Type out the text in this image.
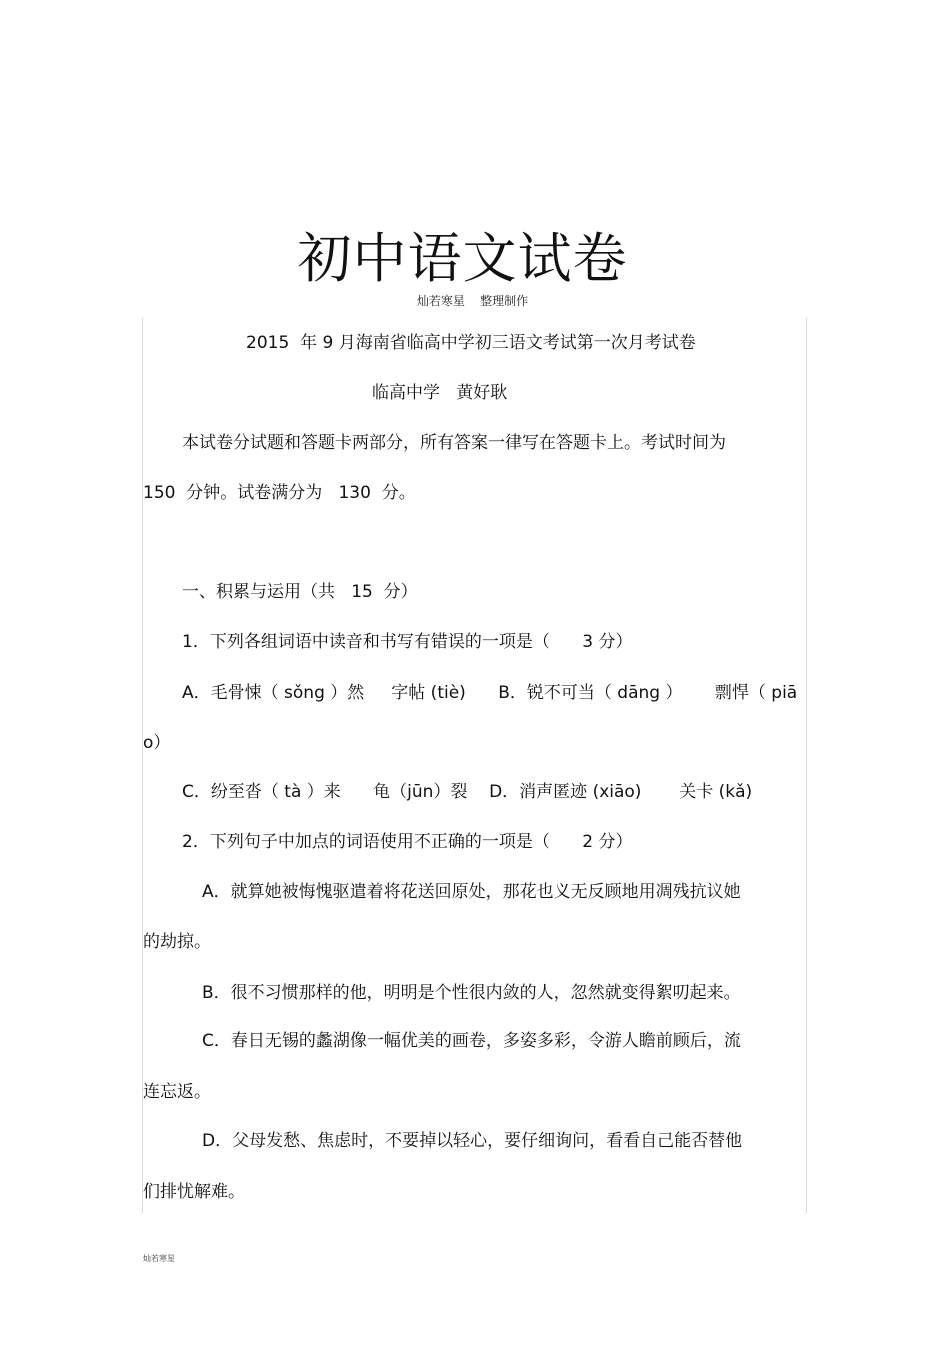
初中语文试卷
灿若寒星    整理制作
2015  年 9 月海南省临高中学初三语文考试第一次月考试卷
临高中学   黄好耿
本试卷分试题和答题卡两部分，所有答案一律写在答题卡上。考试时间为
150  分钟。试卷满分为   130  分。
一、积累与运用（共   15  分）
1．下列各组词语中读音和书写有错误的一项是（      3 分）
A．毛骨悚（ sǒng ）然     字帖 (tiè)      B．锐不可当（ dāng ）      剽悍（ piā
o）
C．纷至沓（ tà ）来      龟（jūn）裂    D．消声匿迹 (xiāo)       关卡 (kǎ)
2．下列句子中加点的词语使用不正确的一项是（      2 分）
A．就算她被悔愧驱遣着将花送回原处，那花也义无反顾地用凋残抗议她
的劫掠。
B．很不习惯那样的他，明明是个性很内敛的人，忽然就变得絮叨起来。
C．春日无锡的蠡湖像一幅优美的画卷，多姿多彩，令游人瞻前顾后，流
连忘返。
D．父母发愁、焦虑时，不要掉以轻心，要仔细询问，看看自己能否替他
们排忧解难。
灿若寒星
